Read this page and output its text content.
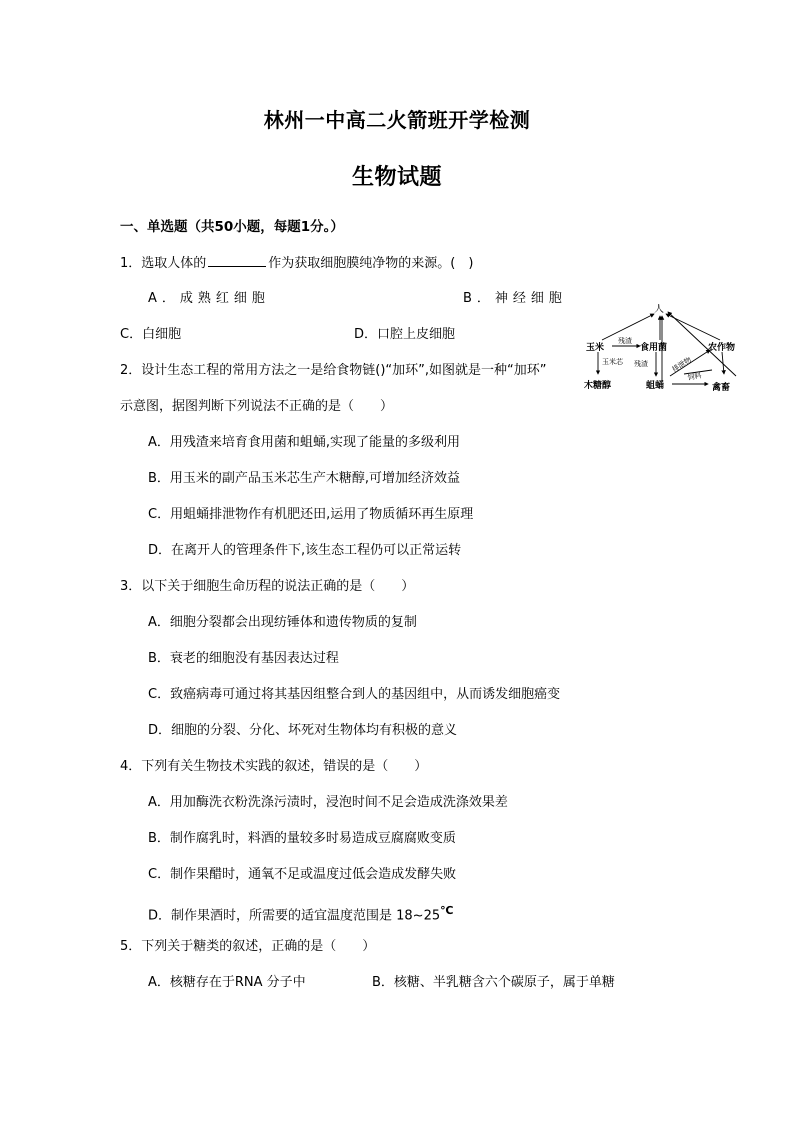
林州一中高二火箭班开学检测
生物试题
一、单选题（共50小题，每题1分。）
1．选取人体的	作为获取细胞膜纯净物的来源。(　)
A．成熟红细胞	B．神经细胞
C．白细胞	D．口腔上皮细胞
2．设计生态工程的常用方法之一是给食物链()“加环”,如图就是一种“加环”
示意图，据图判断下列说法不正确的是（　　）
A．用残渣来培育食用菌和蛆蛹,实现了能量的多级利用
B．用玉米的副产品玉米芯生产木糖醇,可增加经济效益
C．用蛆蛹排泄物作有机肥还田,运用了物质循环再生原理
D．在离开人的管理条件下,该生态工程仍可以正常运转
人
玉米	食用菌	农作物
木糖醇	蛆蛹	禽畜
残渣
玉米芯 残渣	排泄物
饲料
3．以下关于细胞生命历程的说法正确的是（　　）
A．细胞分裂都会出现纺锤体和遗传物质的复制
B．衰老的细胞没有基因表达过程
C．致癌病毒可通过将其基因组整合到人的基因组中，从而诱发细胞癌变
D．细胞的分裂、分化、坏死对生物体均有积极的意义
4．下列有关生物技术实践的叙述，错误的是（　　）
A．用加酶洗衣粉洗涤污渍时，浸泡时间不足会造成洗涤效果差
B．制作腐乳时，料酒的量较多时易造成豆腐腐败变质
C．制作果醋时，通氧不足或温度过低会造成发酵失败
D．制作果酒时，所需要的适宜温度范围是 18~25℃
5．下列关于糖类的叙述，正确的是（　　）
A．核糖存在于RNA 分子中	B．核糖、半乳糖含六个碳原子，属于单糖
